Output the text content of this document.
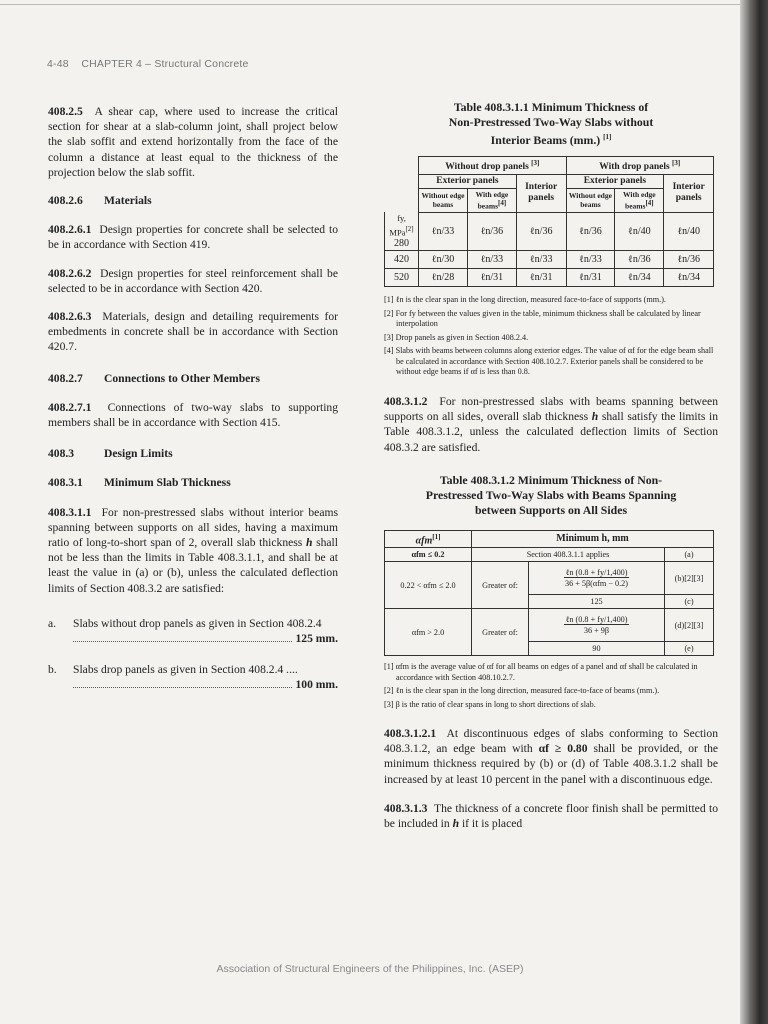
4-48 CHAPTER 4 – Structural Concrete

408.2.5 A shear cap, where used to increase the critical section for shear at a slab-column joint, shall project below the slab soffit and extend horizontally from the face of the column a distance at least equal to the thickness of the projection below the slab soffit.

408.2.6 Materials

408.2.6.1 Design properties for concrete shall be selected to be in accordance with Section 419.

408.2.6.2 Design properties for steel reinforcement shall be selected to be in accordance with Section 420.

408.2.6.3 Materials, design and detailing requirements for embedments in concrete shall be in accordance with Section 420.7.

408.2.7 Connections to Other Members

408.2.7.1 Connections of two-way slabs to supporting members shall be in accordance with Section 415.

408.3	Design Limits
408.3.1 Minimum Slab Thickness

408.3.1.1 For non-prestressed slabs without interior beams spanning between supports on all sides, having a maximum ratio of long-to-short span of 2, overall slab thickness h shall not be less than the limits in Table 408.3.1.1, and shall be at least the value in (a) or (b), unless the calculated deflection limits of Section 408.3.2 are satisfied:

a.	Slabs without drop panels as given in Section 408.2.4
125 mm.
b.	Slabs drop panels as given in Section 408.2.4 ....
100 mm.
Table 408.3.1.1 Minimum Thickness of
Non-Prestressed Two-Way Slabs without
Interior Beams (mm.) [1]
	Without drop panels [3]			With drop panels [3]
	Exterior panels		Interior panels	Exterior panels		Interior panels
	Without edge beams	With edge beams[4]		Without edge beams	With edge beams[4]	
fy, MPa[2]
280	ℓn/33	ℓn/36	ℓn/36	ℓn/36	ℓn/40	ℓn/40
420	ℓn/30	ℓn/33	ℓn/33	ℓn/33	ℓn/36	ℓn/36
520	ℓn/28	ℓn/31	ℓn/31	ℓn/31	ℓn/34	ℓn/34
[1] ℓn is the clear span in the long direction, measured face-to-face of supports (mm.).
[2] For fy between the values given in the table, minimum thickness shall be calculated by linear interpolation
[3] Drop panels as given in Section 408.2.4.
[4] Slabs with beams between columns along exterior edges. The value of αf for the edge beam shall be calculated in accordance with Section 408.10.2.7. Exterior panels shall be considered to be without edge beams if αf is less than 0.8.

408.3.1.2 For non-prestressed slabs with beams spanning between supports on all sides, overall slab thickness h shall satisfy the limits in Table 408.3.1.2, unless the calculated deflection limits of Section 408.3.2 are satisfied.

Table 408.3.1.2 Minimum Thickness of Non-
Prestressed Two-Way Slabs with Beams Spanning
between Supports on All Sides
αfm[1]	Minimum h, mm		
αfm ≤ 0.2	Section 408.3.1.1 applies		(a)
0.22 < αfm ≤ 2.0	Greater of:	$\frac{\text{ℓn (0.8 + fy/1,400)}}{\text{36 + 5β(αfm − 0.2)}}$	(b)[2][3]
		125	(c)
αfm > 2.0	Greater of:	$\frac{\text{ℓn (0.8 + fy/1,400)}}{36 + 9\beta}$	(d)[2][3]
		90	(e)
[1] αfm is the average value of αf for all beams on edges of a panel and αf shall be calculated in accordance with Section 408.10.2.7.
[2] ℓn is the clear span in the long direction, measured face-to-face of beams (mm.).
[3] β is the ratio of clear spans in long to short directions of slab.

408.3.1.2.1 At discontinuous edges of slabs conforming to Section 408.3.1.2, an edge beam with αf ≥ 0.80 shall be provided, or the minimum thickness required by (b) or (d) of Table 408.3.1.2 shall be increased by at least 10 percent in the panel with a discontinuous edge.

408.3.1.3 The thickness of a concrete floor finish shall be permitted to be included in h if it is placed

Association of Structural Engineers of the Philippines, Inc. (ASEP)
